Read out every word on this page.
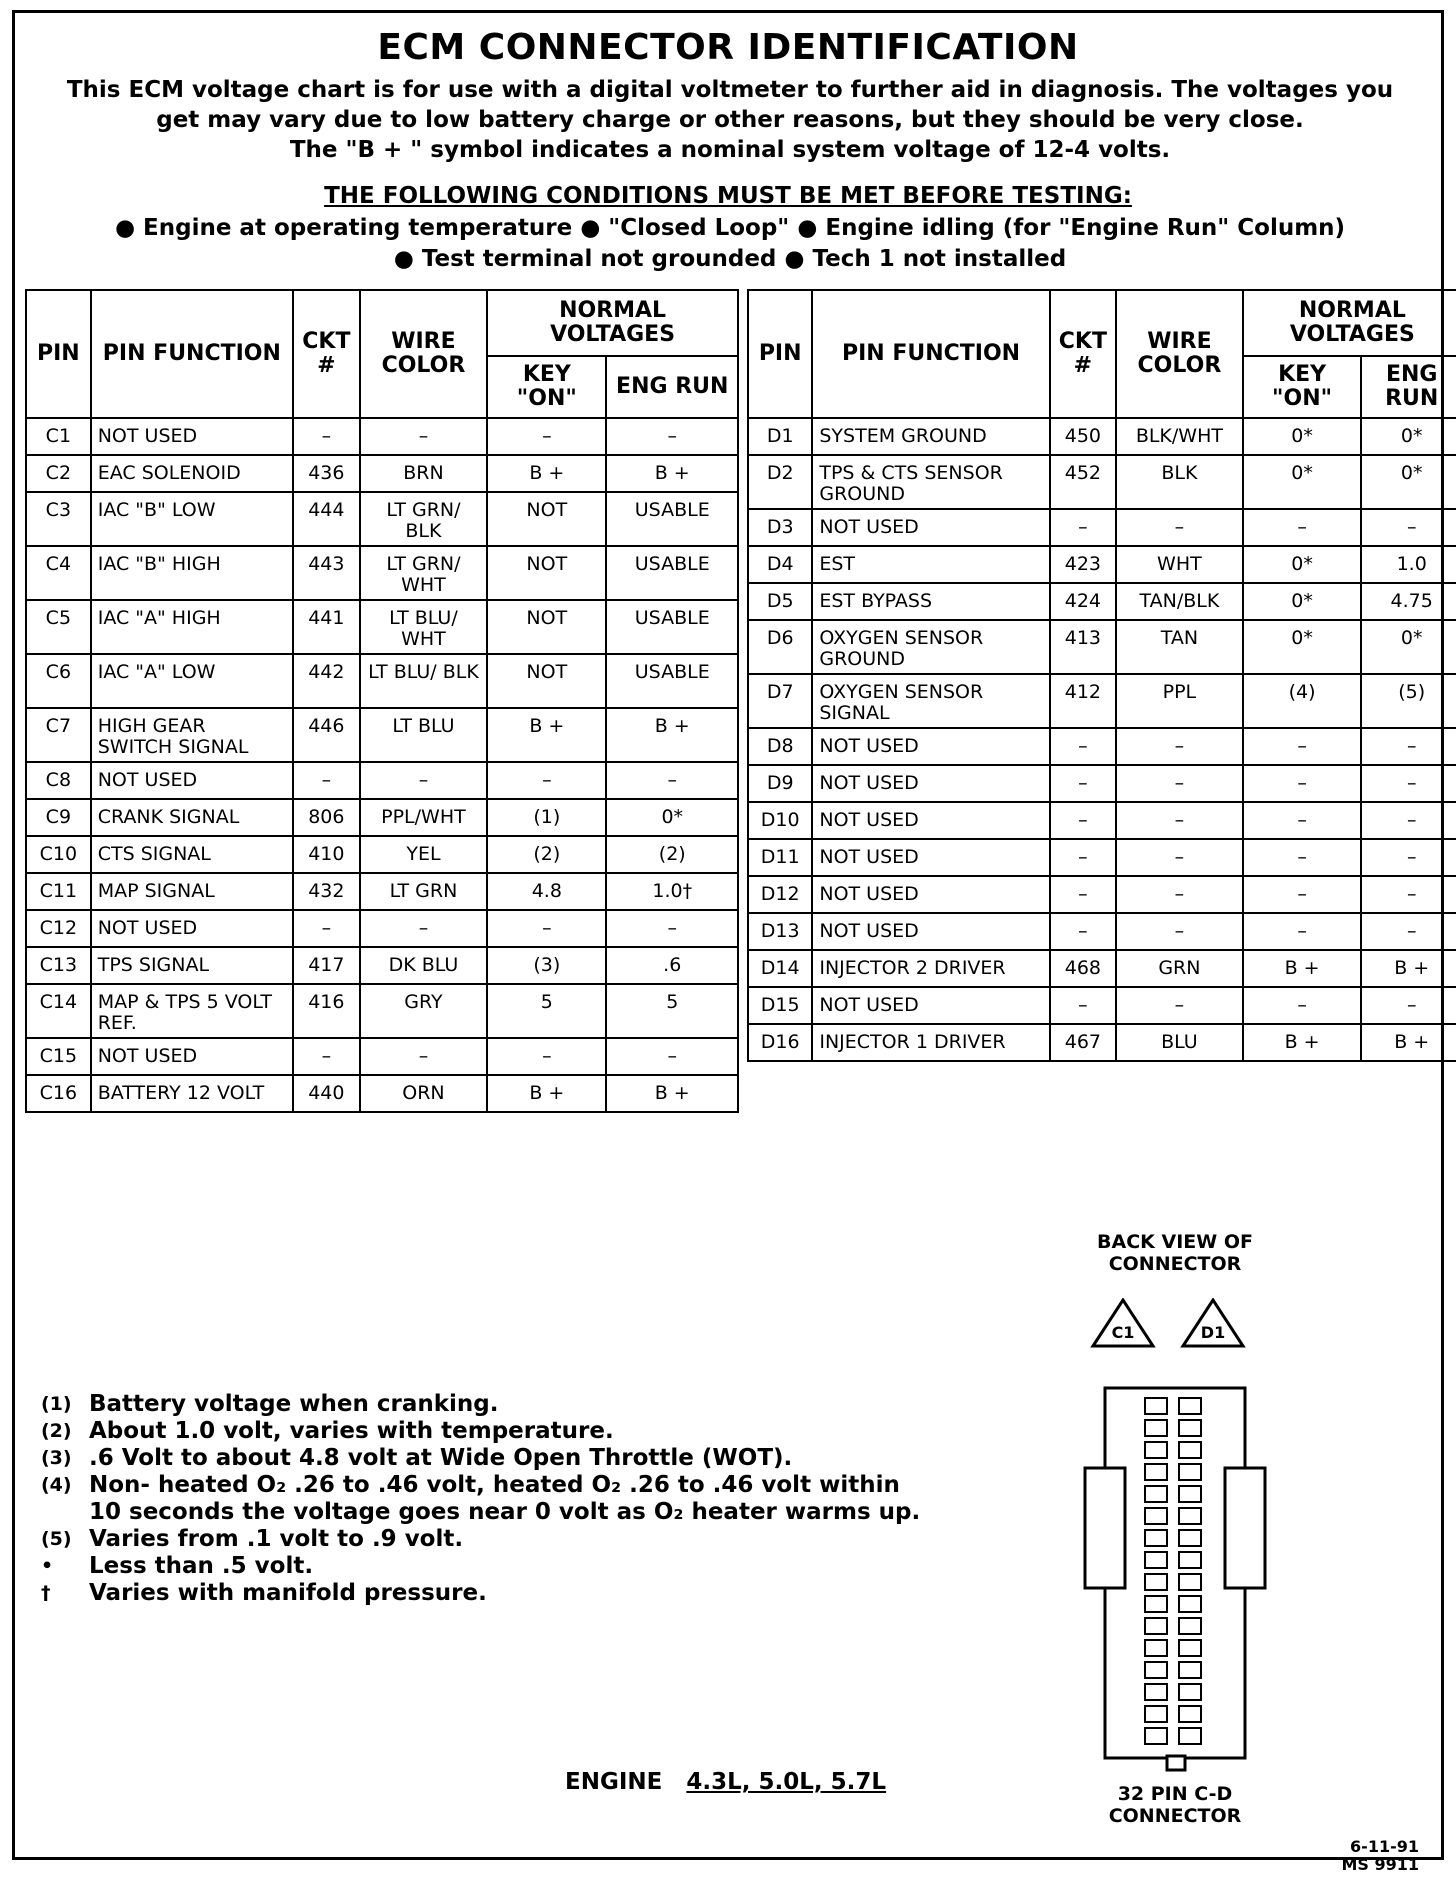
ECM CONNECTOR IDENTIFICATION
This ECM voltage chart is for use with a digital voltmeter to further aid in diagnosis. The voltages you
get may vary due to low battery charge or other reasons, but they should be very close.
The "B + " symbol indicates a nominal system voltage of 12-4 volts.
THE FOLLOWING CONDITIONS MUST BE MET BEFORE TESTING:
● Engine at operating temperature ● "Closed Loop" ● Engine idling (for "Engine Run" Column)
● Test terminal not grounded ● Tech 1 not installed
PIN	PIN FUNCTION	CKT #	WIRE COLOR	NORMAL VOLTAGES	
				KEY "ON"	ENG RUN
C1	NOT USED	–	–	–	–
C2	EAC SOLENOID	436	BRN	B +	B +
C3	IAC "B" LOW	444	LT GRN/ BLK	NOT	USABLE
C4	IAC "B" HIGH	443	LT GRN/ WHT	NOT	USABLE
C5	IAC "A" HIGH	441	LT BLU/ WHT	NOT	USABLE
C6	IAC "A" LOW	442	LT BLU/ BLK	NOT	USABLE
C7	HIGH GEAR SWITCH SIGNAL	446	LT BLU	B +	B +
C8	NOT USED	–	–	–	–
C9	CRANK SIGNAL	806	PPL/WHT	(1)	0*
C10	CTS SIGNAL	410	YEL	(2)	(2)
C11	MAP SIGNAL	432	LT GRN	4.8	1.0†
C12	NOT USED	–	–	–	–
C13	TPS SIGNAL	417	DK BLU	(3)	.6
C14	MAP & TPS 5 VOLT REF.	416	GRY	5	5
C15	NOT USED	–	–	–	–
C16	BATTERY 12 VOLT	440	ORN	B +	B +
PIN	PIN FUNCTION	CKT #	WIRE COLOR	NORMAL VOLTAGES	
				KEY "ON"	ENG RUN
D1	SYSTEM GROUND	450	BLK/WHT	0*	0*
D2	TPS & CTS SENSOR GROUND	452	BLK	0*	0*
D3	NOT USED	–	–	–	–
D4	EST	423	WHT	0*	1.0
D5	EST BYPASS	424	TAN/BLK	0*	4.75
D6	OXYGEN SENSOR GROUND	413	TAN	0*	0*
D7	OXYGEN SENSOR SIGNAL	412	PPL	(4)	(5)
D8	NOT USED	–	–	–	–
D9	NOT USED	–	–	–	–
D10	NOT USED	–	–	–	–
D11	NOT USED	–	–	–	–
D12	NOT USED	–	–	–	–
D13	NOT USED	–	–	–	–
D14	INJECTOR 2 DRIVER	468	GRN	B +	B +
D15	NOT USED	–	–	–	–
D16	INJECTOR 1 DRIVER	467	BLU	B +	B +
BACK VIEW OF CONNECTOR
C1	D1
32 PIN C-D CONNECTOR
(1) Battery voltage when cranking.
(2) About 1.0 volt, varies with temperature.
(3) .6 Volt to about 4.8 volt at Wide Open Throttle (WOT).
(4) Non- heated O₂ .26 to .46 volt, heated O₂ .26 to .46 volt within 10 seconds the voltage goes near 0 volt as O₂ heater warms up.
(5) Varies from .1 volt to .9 volt.
•	Less than .5 volt.
†	Varies with manifold pressure.
ENGINE 4.3L, 5.0L, 5.7L
6-11-91
MS 9911
